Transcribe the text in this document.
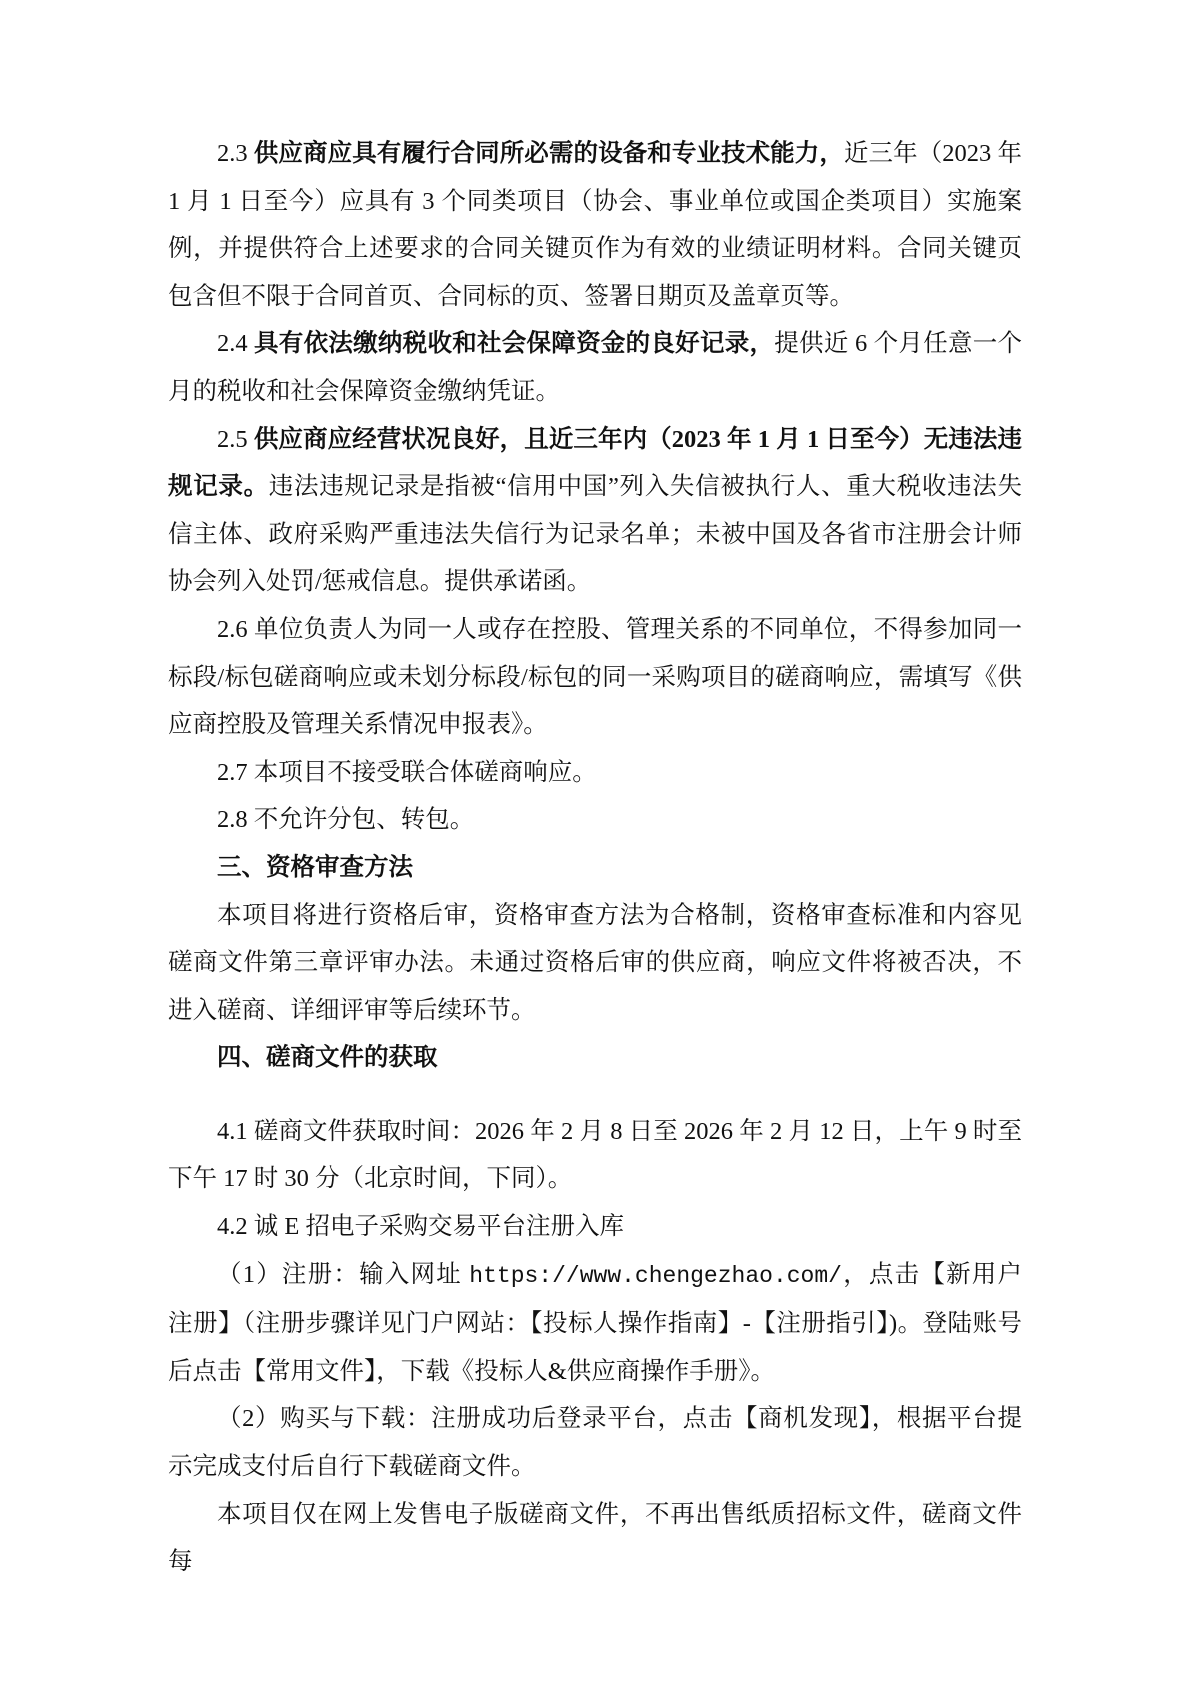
2.3 供应商应具有履行合同所必需的设备和专业技术能力，近三年（2023 年 1 月 1 日至今）应具有 3 个同类项目（协会、事业单位或国企类项目）实施案例，并提供符合上述要求的合同关键页作为有效的业绩证明材料。合同关键页包含但不限于合同首页、合同标的页、签署日期页及盖章页等。

2.4 具有依法缴纳税收和社会保障资金的良好记录，提供近 6 个月任意一个月的税收和社会保障资金缴纳凭证。

2.5 供应商应经营状况良好，且近三年内（2023 年 1 月 1 日至今）无违法违规记录。违法违规记录是指被“信用中国”列入失信被执行人、重大税收违法失信主体、政府采购严重违法失信行为记录名单；未被中国及各省市注册会计师协会列入处罚/惩戒信息。提供承诺函。

2.6 单位负责人为同一人或存在控股、管理关系的不同单位，不得参加同一标段/标包磋商响应或未划分标段/标包的同一采购项目的磋商响应，需填写《供应商控股及管理关系情况申报表》。

2.7 本项目不接受联合体磋商响应。

2.8 不允许分包、转包。

三、资格审查方法

本项目将进行资格后审，资格审查方法为合格制，资格审查标准和内容见磋商文件第三章评审办法。未通过资格后审的供应商，响应文件将被否决，不进入磋商、详细评审等后续环节。

四、磋商文件的获取

4.1 磋商文件获取时间：2026 年 2 月 8 日至 2026 年 2 月 12 日，上午 9 时至下午 17 时 30 分（北京时间，下同）。

4.2 诚 E 招电子采购交易平台注册入库

（1）注册：输入网址 https://www.chengezhao.com/，点击【新用户注册】（注册步骤详见门户网站：【投标人操作指南】-【注册指引】)。登陆账号后点击【常用文件】，下载《投标人&供应商操作手册》。

（2）购买与下载：注册成功后登录平台，点击【商机发现】，根据平台提示完成支付后自行下载磋商文件。

本项目仅在网上发售电子版磋商文件，不再出售纸质招标文件，磋商文件每
